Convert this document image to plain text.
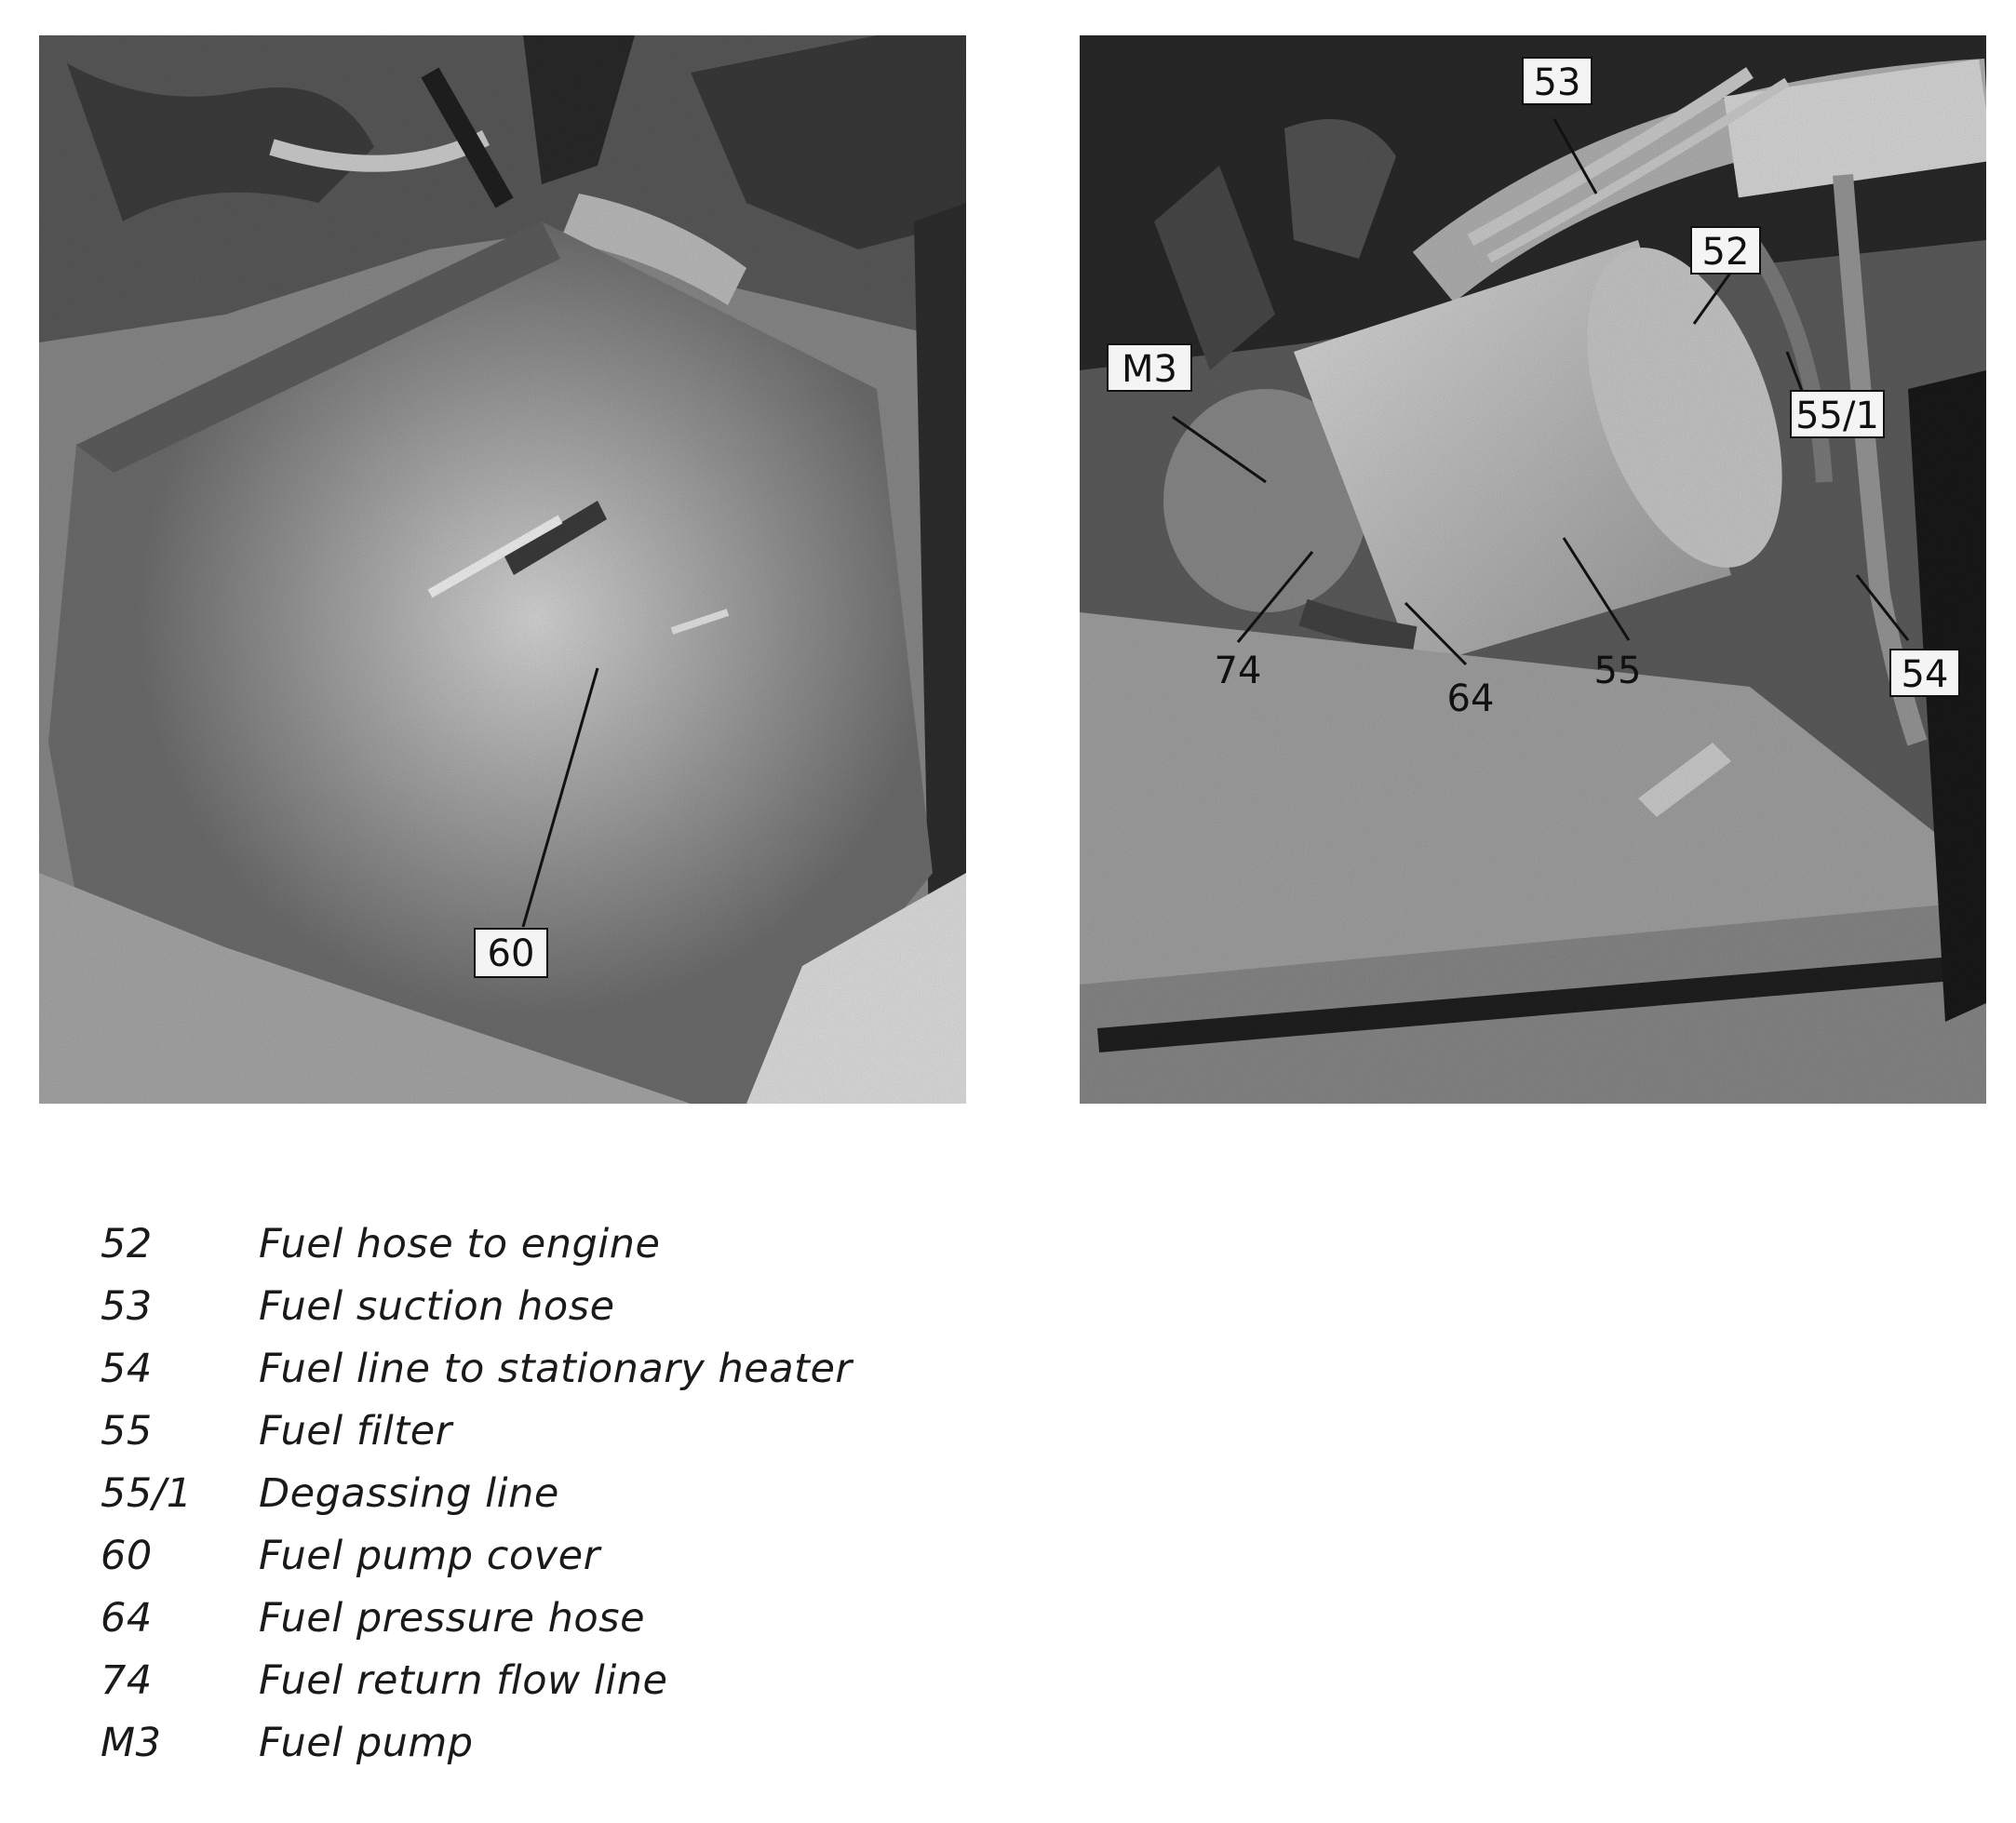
60
53
52
M3
55/1
74
64
55	54
52	Fuel hose to engine
53	Fuel suction hose
54	Fuel line to stationary heater
55	Fuel filter
55/1	Degassing line
60	Fuel pump cover
64	Fuel pressure hose
74	Fuel return flow line
M3	Fuel pump
